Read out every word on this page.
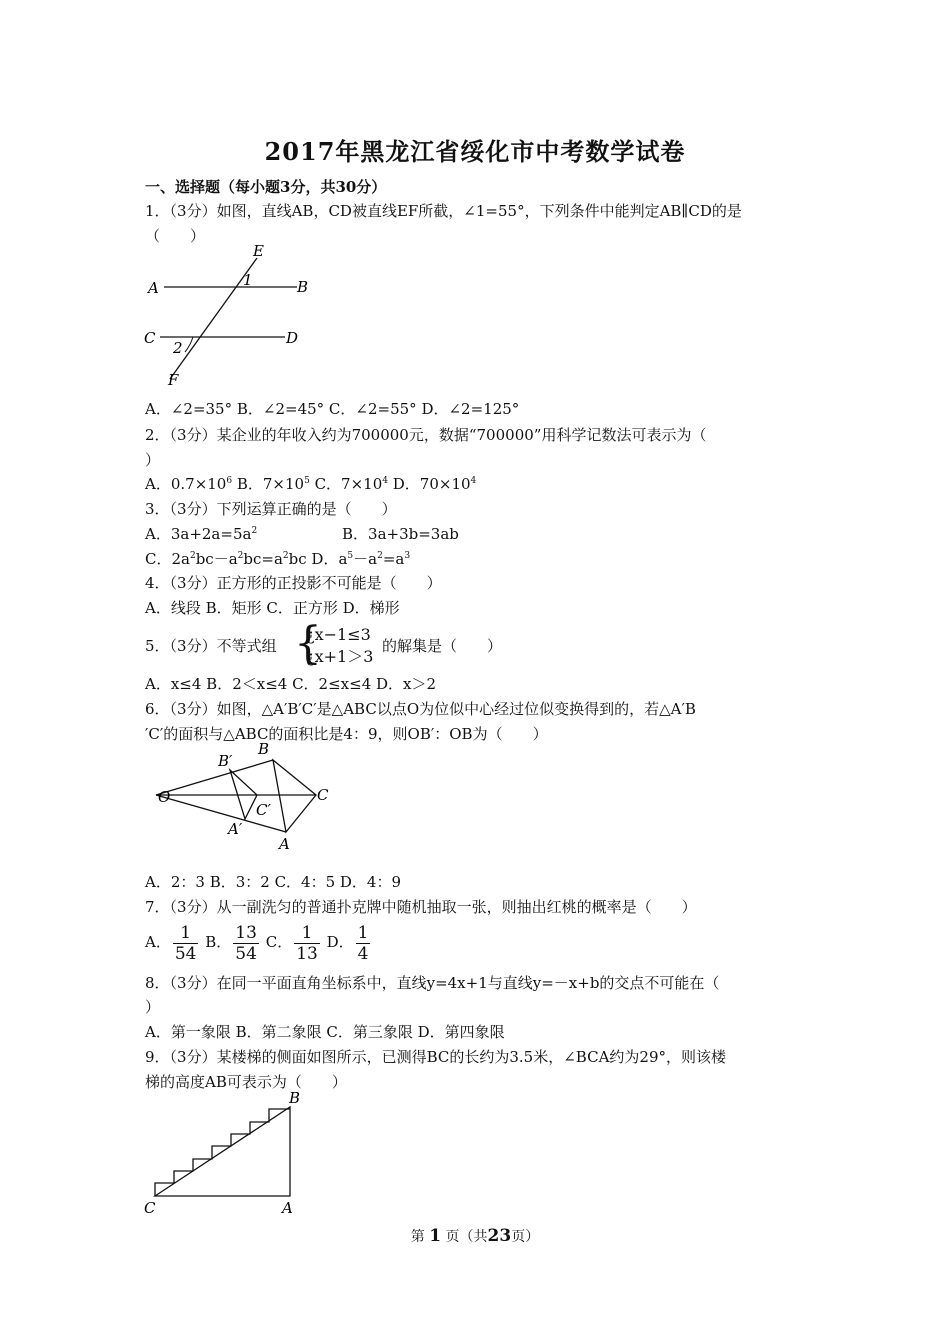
2017年黑龙江省绥化市中考数学试卷
一、选择题（每小题3分，共30分）
1．（3分）如图，直线AB，CD被直线EF所截，∠1=55°，下列条件中能判定AB∥CD的是
（　　）
E
A	B
1
C	D
2
F
A．∠2=35° B．∠2=45° C．∠2=55° D．∠2=125°
2．（3分）某企业的年收入约为700000元，数据“700000”用科学记数法可表示为（
）
A．$0.7\times 10^6$ B．$7\times 10^5$ C．$7\times 10^4$ D．$70\times 10^4$
3．（3分）下列运算正确的是（　　）
A．$3a+2a=5a^2$	B．3a+3b=3ab
C．$2a^2bc-a^2bc=a^2bc$ D．$a^5-a^2=a^3$
4．（3分）正方形的正投影不可能是（　　）
A．线段 B．矩形 C．正方形 D．梯形
5．（3分）不等式组 {
¿x−1≤3
¿x+1＞3
的解集是（　　）
A．x≤4 B．2＜x≤4 C．2≤x≤4 D．x＞2
6．（3分）如图，△A′B′C′是△ABC以点O为位似中心经过位似变换得到的，若△A′B
′C′的面积与△ABC的面积比是4：9，则OB′：OB为（　　）
O
B′
B
C′
C
A′
A
A．2：3 B．3：2 C．4：5 D．4：9
7．（3分）从一副洗匀的普通扑克牌中随机抽取一张，则抽出红桃的概率是（　　）
A． $\frac{1}{54}$ B． $\frac{13}{54}$ C． $\frac{1}{13}$ D． $\frac{1}{4}$
8．（3分）在同一平面直角坐标系中，直线y=4x+1与直线y=－x+b的交点不可能在（
）
A．第一象限 B．第二象限 C．第三象限 D．第四象限
9．（3分）某楼梯的侧面如图所示，已测得BC的长约为3.5米，∠BCA约为29°，则该楼
梯的高度AB可表示为（　　）
B
C	A
第 1 页（共23页）
